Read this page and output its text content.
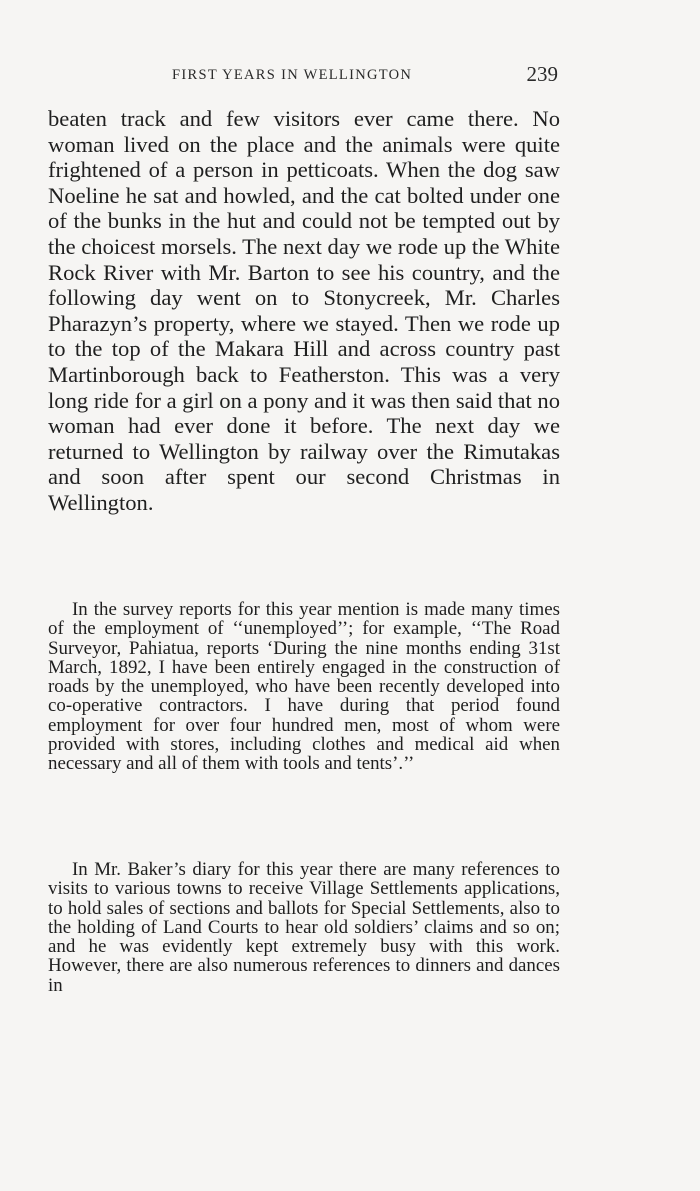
FIRST YEARS IN WELLINGTON	239

beaten track and few visitors ever came there. No woman lived on the place and the animals were quite frightened of a person in petticoats. When the dog saw Noeline he sat and howled, and the cat bolted under one of the bunks in the hut and could not be tempted out by the choicest morsels. The next day we rode up the White Rock River with Mr. Barton to see his country, and the following day went on to Stonycreek, Mr. Charles Pharazyn’s property, where we stayed. Then we rode up to the top of the Makara Hill and across country past Martinborough back to Featherston. This was a very long ride for a girl on a pony and it was then said that no woman had ever done it before. The next day we returned to Wellington by railway over the Rimutakas and soon after spent our second Christmas in Wellington.

In the survey reports for this year mention is made many times of the employment of ‘‘unemployed’’; for example, ‘‘The Road Surveyor, Pahiatua, reports ‘During the nine months ending 31st March, 1892, I have been entirely engaged in the construction of roads by the unemployed, who have been recently developed into co-operative contractors. I have during that period found employment for over four hundred men, most of whom were provided with stores, including clothes and medical aid when necessary and all of them with tools and tents’.’’

In Mr. Baker’s diary for this year there are many references to visits to various towns to receive Village Settlements applications, to hold sales of sections and ballots for Special Settlements, also to the holding of Land Courts to hear old soldiers’ claims and so on; and he was evidently kept extremely busy with this work. However, there are also numerous references to dinners and dances in
